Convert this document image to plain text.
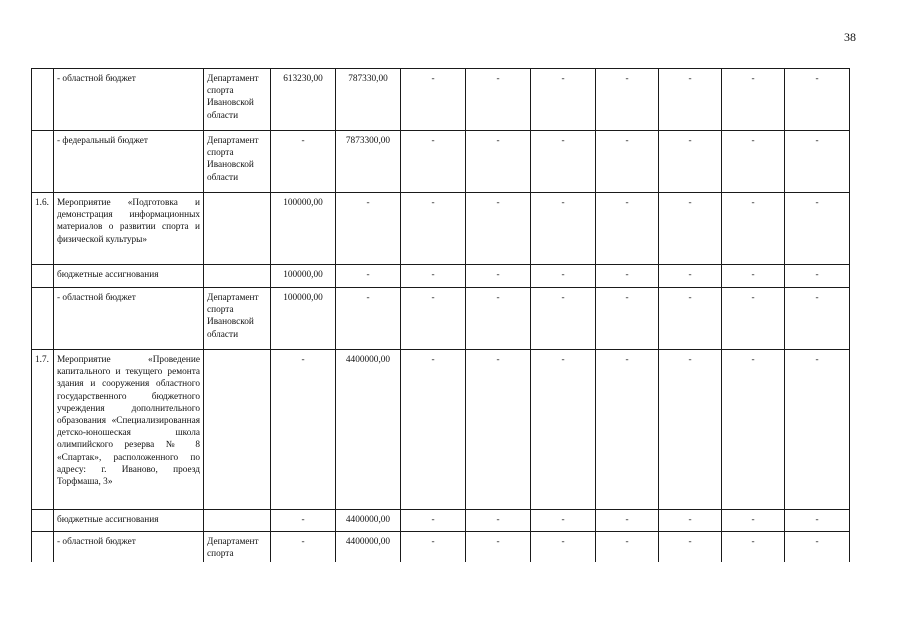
38
	- областной бюджет	Департамент спорта Ивановской области	613230,00	787330,00	-	-	-	-	-	-	-
	- федеральный бюджет	Департамент спорта Ивановской области	-	7873300,00	-	-	-	-	-	-	-
1.6.	Мероприятие «Подготовка и демонстрация информационных материалов о развитии спорта и физической культуры»		100000,00	-	-	-	-	-	-	-	-
	бюджетные ассигнования		100000,00	-	-	-	-	-	-	-	-
	- областной бюджет	Департамент спорта Ивановской области	100000,00	-	-	-	-	-	-	-	-
1.7.	Мероприятие «Проведение капитального и текущего ремонта здания и сооружения областного государственного бюджетного учреждения дополнительного образования «Специализированная детско-юношеская школа олимпийского резерва № 8 «Спартак», расположенного по адресу: г. Иваново, проезд Торфмаша, 3»		-	4400000,00	-	-	-	-	-	-	-
	бюджетные ассигнования		-	4400000,00	-	-	-	-	-	-	-
	- областной бюджет	Департамент спорта	-	4400000,00	-	-	-	-	-	-	-
